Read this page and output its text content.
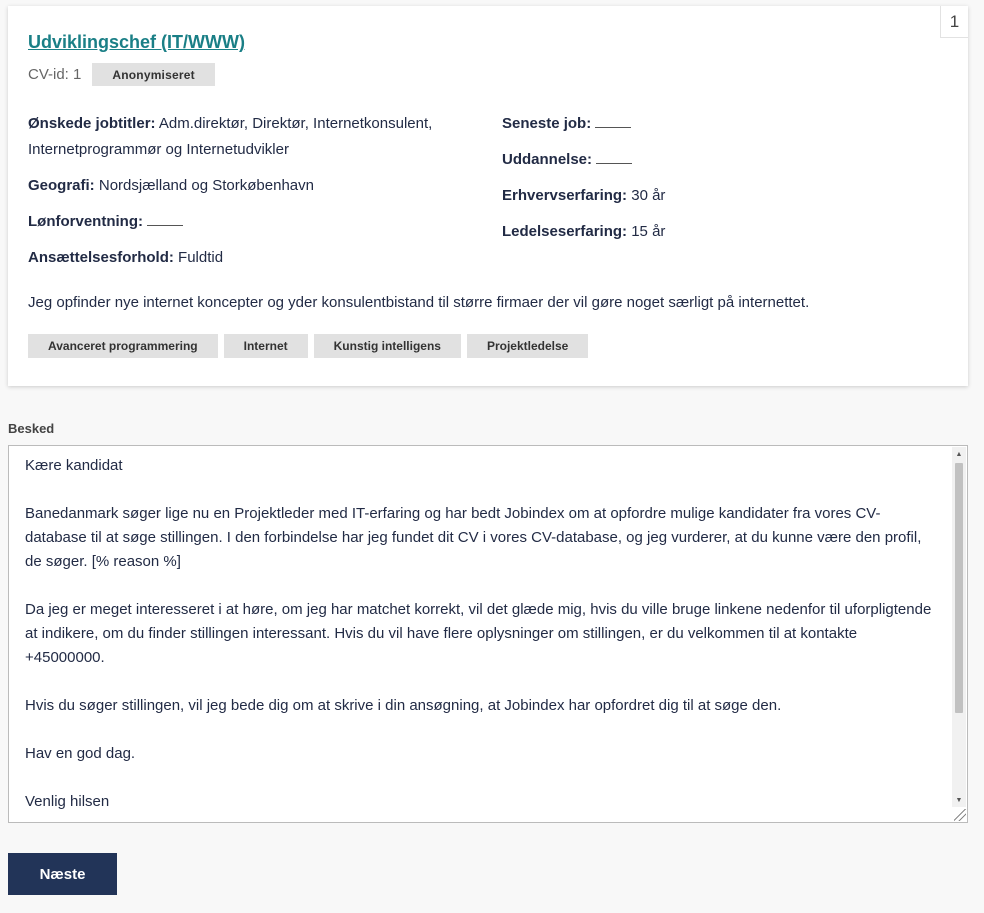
1
Udviklingschef (IT/WWW)
CV-id: 1	Anonymiseret
Ønskede jobtitler: Adm.direktør, Direktør, Internetkonsulent, Internetprogrammør og Internetudvikler
Geografi: Nordsjælland og Storkøbenhavn
Lønforventning:
Ansættelsesforhold: Fuldtid
Seneste job:
Uddannelse:
Erhvervserfaring: 30 år
Ledelseserfaring: 15 år
Jeg opfinder nye internet koncepter og yder konsulentbistand til større firmaer der vil gøre noget særligt på internettet.
Avanceret programmering	Internet	Kunstig intelligens	Projektledelse
Besked
Kære kandidat

Banedanmark søger lige nu en Projektleder med IT-erfaring og har bedt Jobindex om at opfordre mulige kandidater fra vores CV-database til at søge stillingen. I den forbindelse har jeg fundet dit CV i vores CV-database, og jeg vurderer, at du kunne være den profil, de søger. [% reason %]

Da jeg er meget interesseret i at høre, om jeg har matchet korrekt, vil det glæde mig, hvis du ville bruge linkene nedenfor til uforpligtende at indikere, om du finder stillingen interessant. Hvis du vil have flere oplysninger om stillingen, er du velkommen til at kontakte +45000000.

Hvis du søger stillingen, vil jeg bede dig om at skrive i din ansøgning, at Jobindex har opfordret dig til at søge den.

Hav en god dag.

Venlig hilsen
▲
▼
Næste
